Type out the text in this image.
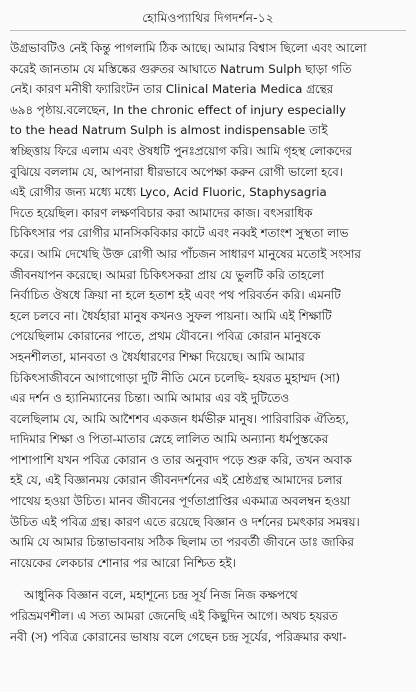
হোমিওপ্যাথির দিগদর্শন-১২
উগ্রভাবটিও নেই কিন্তু পাগলামি ঠিক আছে। আমার বিশ্বাস ছিলো এবং আলো
করেই জানতাম যে মস্তিষ্কের গুরুতর আঘাতে Natrum Sulph ছাড়া গতি
নেই। কারণ মনীষী ফ্যারিংটন তার Clinical Materia Medica গ্রন্থের
৬৯৪ পৃষ্ঠায়.বলেছেন, In the chronic effect of injury especially
to the head Natrum Sulph is almost indispensable তাই
স্বচ্ছিত্তায় ফিরে এলাম এবং ঔষধটি পুনঃপ্রয়োগ করি। আমি গৃহস্থ লোকদের
বুঝিয়ে বললাম যে, আপনারা ধীরভাবে অপেক্ষা করুন রোগী ভালো হবে।
এই রোগীর জন্য মধ্যে মধ্যে Lyco, Acid Fluoric, Staphysagria
দিতে হয়েছিল। কারণ লক্ষণবিচার করা আমাদের কাজ। বৎসরাধিক
চিকিৎসার পর রোগীর মানসিকবিকার কাটে এবং নব্বই শতাংশ সুস্থতা লাভ
করে। আমি দেখেছি উক্ত রোগী আর পাঁচজন সাধারণ মানুষের মতোই সংসার
জীবনযাপন করেছে। আমরা চিকিৎসকরা প্রায় যে ভুলটি করি তাহলো
নির্বাচিত ঔষধে ক্রিয়া না হলে হতাশ হই এবং পথ পরিবর্তন করি। এমনটি
হলে চলবে না। ধৈর্যহারা মানুষ কখনও সুফল পায়না। আমি এই শিক্ষাটি
পেয়েছিলাম কোরানের পাতে, প্রথম যৌবনে। পবিত্র কোরান মানুষকে
সহনশীলতা, মানবতা ও ধৈর্যধারণের শিক্ষা দিয়েছে। আমি আমার
চিকিৎসাজীবনে আগাগোড়া দুটি নীতি মেনে চলেছি- হযরত মুহাম্মদ (সা)
এর দর্শন ও হ্যানিম্যানের চিন্তা। আমি আমার এর বই দুটিতেও
বলেছিলাম যে, আমি আশৈশব একজন ধর্মভীরু মানুষ। পারিবারিক ঐতিহ্য,
দাদিমার শিক্ষা ও পিতা-মাতার স্নেহে লালিত আমি অন্যান্য ধর্মপুস্তকের
পাশাপাশি যখন পবিত্র কোরান ও তার অনুবাদ পড়ে শুরু করি, তখন অবাক
হই যে, এই বিজ্ঞানময় কোরান জীবনদর্শনের এই শ্রেষ্ঠগ্রন্থ আমাদের চলার
পাথেয় হওয়া উচিত। মানব জীবনের পূর্ণতাপ্রাপ্তির একমাত্র অবলম্বন হওয়া
উচিত এই পবিত্র গ্রন্থ। কারণ এতে রয়েছে বিজ্ঞান ও দর্শনের চমৎকার সমন্বয়।
আমি যে আমার চিন্তাভাবনায় সঠিক ছিলাম তা পরবর্তী জীবনে ডাঃ জাকির
নায়েকের লেকচার শোনার পর আরো নিশ্চিত হই।
আধুনিক বিজ্ঞান বলে, মহাশূন্যে চন্দ্র সূর্য নিজ নিজ কক্ষপথে
পরিভ্রমণশীল। এ সত্য আমরা জেনেছি এই কিছুদিন আগে। অথচ হযরত
নবী (স) পবিত্র কোরানের ভাষায় বলে গেছেন চন্দ্র সূর্যের, পরিক্রমার কথা-
